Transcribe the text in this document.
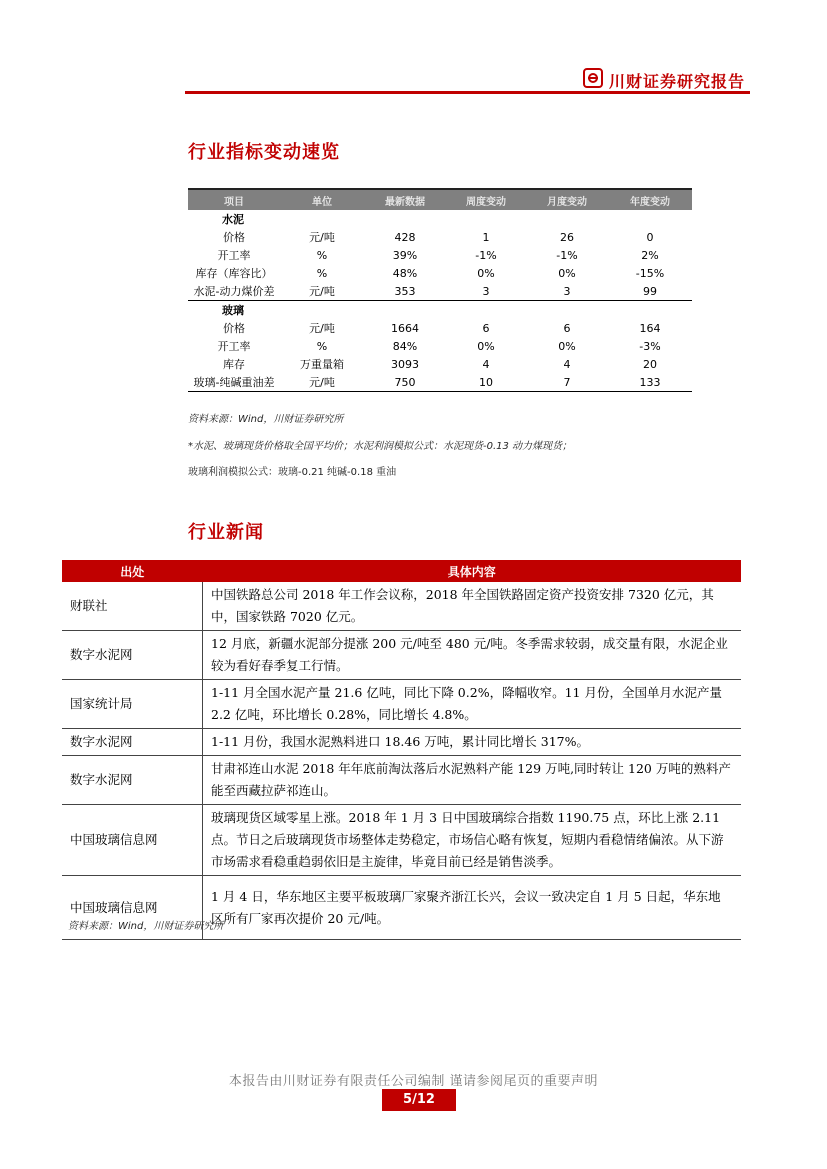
川财证券研究报告
行业指标变动速览
项目	单位	最新数据	周度变动	月度变动	年度变动
水泥					
价格	元/吨	428	1	26	0
开工率	%	39%	-1%	-1%	2%
库存（库容比）	%	48%	0%	0%	-15%
水泥-动力煤价差	元/吨	353	3	3	99
玻璃					
价格	元/吨	1664	6	6	164
开工率	%	84%	0%	0%	-3%
库存	万重量箱	3093	4	4	20
玻璃-纯碱重油差	元/吨	750	10	7	133
资料来源：Wind，川财证券研究所
*水泥、玻璃现货价格取全国平均价；水泥利润模拟公式：水泥现货-0.13 动力煤现货；
玻璃利润模拟公式：玻璃-0.21 纯碱-0.18 重油
行业新闻
出处	具体内容
财联社	中国铁路总公司 2018 年工作会议称，2018 年全国铁路固定资产投资安排 7320 亿元，其中，国家铁路 7020 亿元。
数字水泥网	12 月底，新疆水泥部分提涨 200 元/吨至 480 元/吨。冬季需求较弱，成交量有限，水泥企业较为看好春季复工行情。
国家统计局	1-11 月全国水泥产量 21.6 亿吨，同比下降 0.2%，降幅收窄。11 月份，全国单月水泥产量 2.2 亿吨，环比增长 0.28%，同比增长 4.8%。
数字水泥网	1-11 月份，我国水泥熟料进口 18.46 万吨，累计同比增长 317%。
数字水泥网	甘肃祁连山水泥 2018 年年底前淘汰落后水泥熟料产能 129 万吨,同时转让 120 万吨的熟料产能至西藏拉萨祁连山。
中国玻璃信息网	玻璃现货区域零星上涨。2018 年 1 月 3 日中国玻璃综合指数 1190.75 点，环比上涨 2.11 点。节日之后玻璃现货市场整体走势稳定，市场信心略有恢复，短期内看稳情绪偏浓。从下游市场需求看稳重趋弱依旧是主旋律，毕竟目前已经是销售淡季。
中国玻璃信息网	1 月 4 日，华东地区主要平板玻璃厂家聚齐浙江长兴，会议一致决定自 1 月 5 日起，华东地区所有厂家再次提价 20 元/吨。
资料来源：Wind，川财证券研究所
本报告由川财证券有限责任公司编制 谨请参阅尾页的重要声明
5/12
